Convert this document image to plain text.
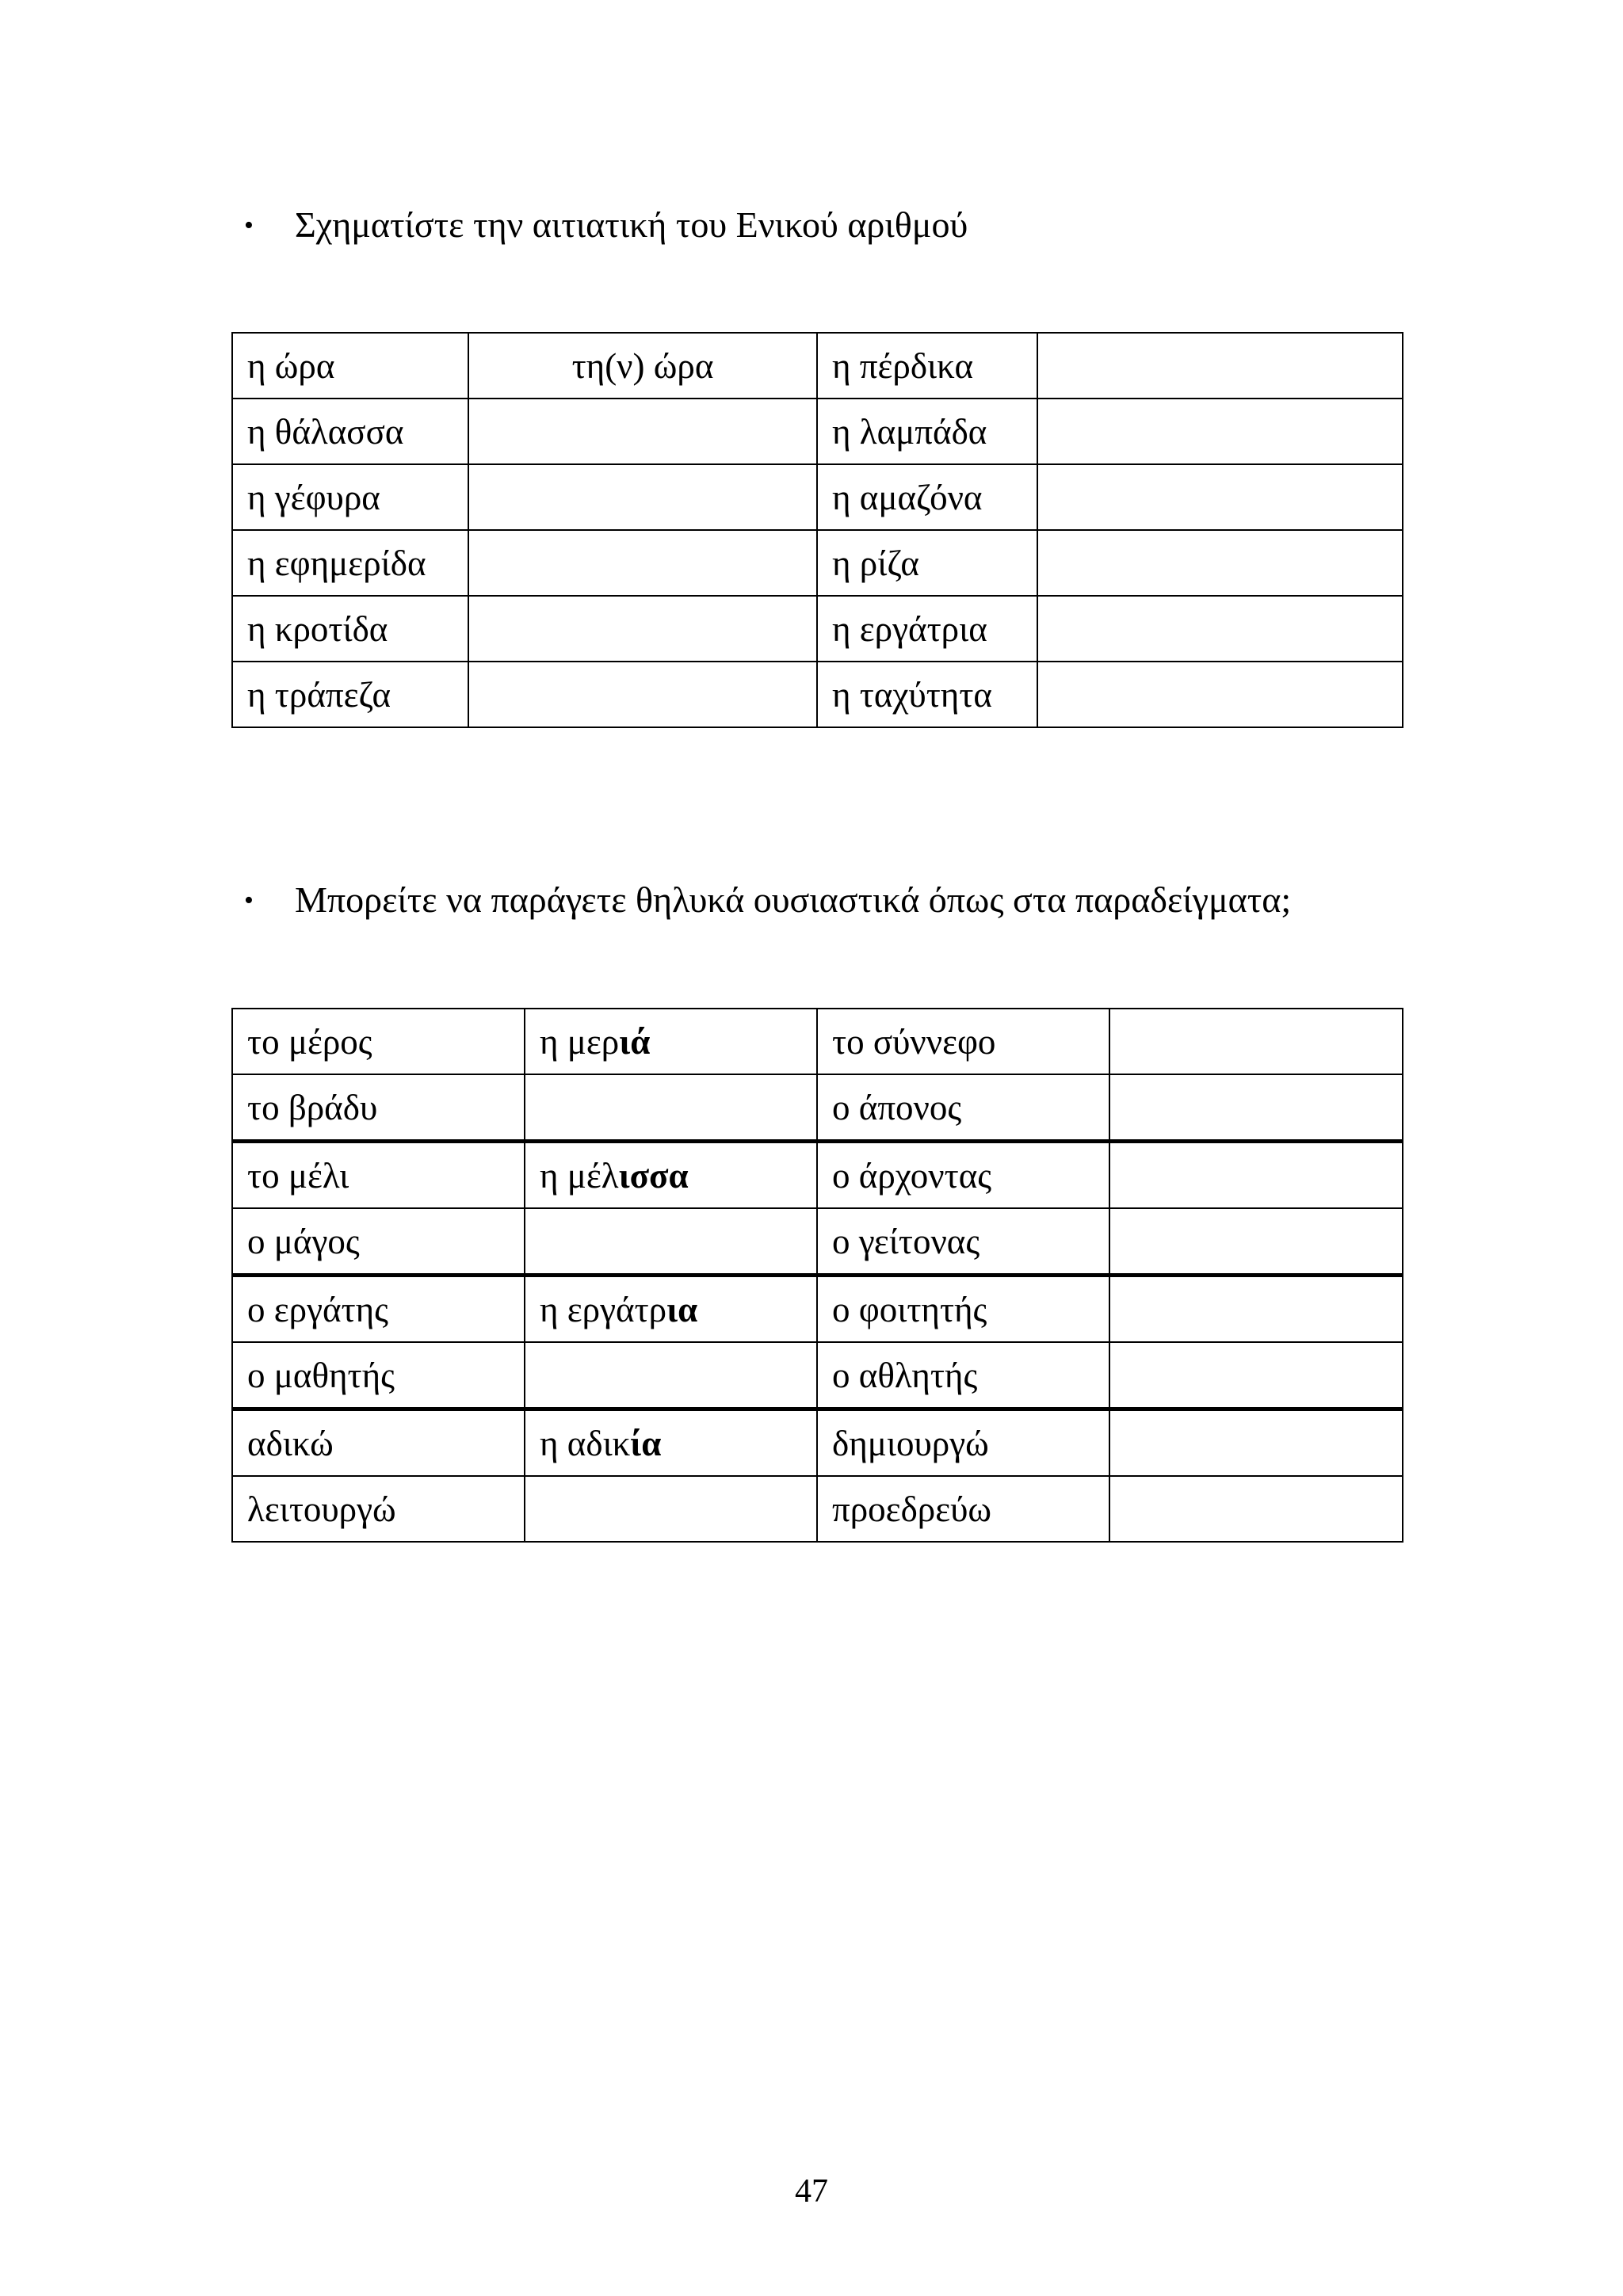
• Σχηματίστε την αιτιατική του Ενικού αριθμού
η ώρα	τη(ν) ώρα	η πέρδικα	
η θάλασσα		η λαμπάδα	
η γέφυρα		η αμαζόνα	
η εφημερίδα		η ρίζα	
η κροτίδα		η εργάτρια	
η τράπεζα		η ταχύτητα	
• Μπορείτε να παράγετε θηλυκά ουσιαστικά όπως στα παραδείγματα;
το μέρος	η μεριά	το σύννεφο	
το βράδυ		ο άπονος	
το μέλι	η μέλισσα	ο άρχοντας	
ο μάγος		ο γείτονας	
ο εργάτης	η εργάτρια	ο φοιτητής	
ο μαθητής		ο αθλητής	
αδικώ	η αδικία	δημιουργώ	
λειτουργώ		προεδρεύω	
47
